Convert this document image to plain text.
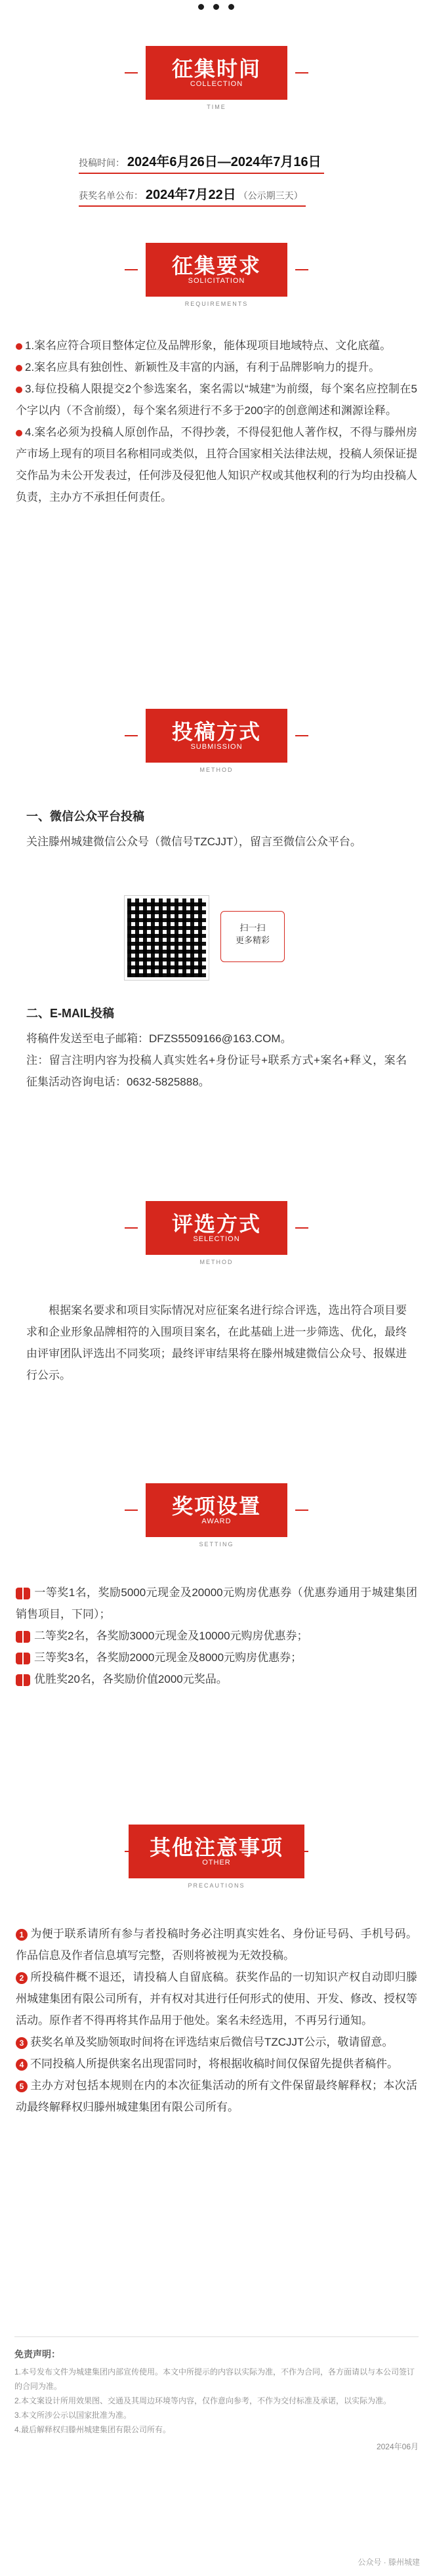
征集时间
COLLECTION
TIME
投稿时间： 2024年6月26日—2024年7月16日
获奖名单公布： 2024年7月22日 （公示期三天）
征集要求
SOLICITATION
REQUIREMENTS

1.案名应符合项目整体定位及品牌形象，能体现项目地域特点、文化底蕴。

2.案名应具有独创性、新颖性及丰富的内涵，有利于品牌影响力的提升。

3.每位投稿人限提交2个参选案名，案名需以“城建”为前缀，每个案名应控制在5个字以内（不含前缀），每个案名须进行不多于200字的创意阐述和渊源诠释。

4.案名必须为投稿人原创作品，不得抄袭，不得侵犯他人著作权，不得与滕州房产市场上现有的项目名称相同或类似，且符合国家相关法律法规，投稿人须保证提交作品为未公开发表过，任何涉及侵犯他人知识产权或其他权利的行为均由投稿人负责，主办方不承担任何责任。

投稿方式
SUBMISSION
METHOD
一、微信公众平台投稿

关注滕州城建微信公众号（微信号TZCJJT），留言至微信公众平台。

扫一扫
更多精彩
二、E-MAIL投稿

将稿件发送至电子邮箱：DFZS5509166@163.COM。

注：留言注明内容为投稿人真实姓名+身份证号+联系方式+案名+释义，案名征集活动咨询电话：0632-5825888。

评选方式
SELECTION
METHOD

根据案名要求和项目实际情况对应征案名进行综合评选，选出符合项目要求和企业形象品牌相符的入围项目案名，在此基础上进一步筛选、优化，最终由评审团队评选出不同奖项；最终评审结果将在滕州城建微信公众号、报媒进行公示。

奖项设置
AWARD
SETTING

一等奖1名，奖励5000元现金及20000元购房优惠券（优惠券通用于城建集团销售项目，下同）；

二等奖2名，各奖励3000元现金及10000元购房优惠券；

三等奖3名，各奖励2000元现金及8000元购房优惠券；

优胜奖20名，各奖励价值2000元奖品。

其他注意事项
OTHER
PRECAUTIONS

1 为便于联系请所有参与者投稿时务必注明真实姓名、身份证号码、手机号码。作品信息及作者信息填写完整，否则将被视为无效投稿。

2 所投稿件概不退还，请投稿人自留底稿。获奖作品的一切知识产权自动即归滕州城建集团有限公司所有，并有权对其进行任何形式的使用、开发、修改、授权等活动。原作者不得再将其作品用于他处。案名未经选用，不再另行通知。

3 获奖名单及奖励领取时间将在评选结束后微信号TZCJJT公示，敬请留意。

4 不同投稿人所提供案名出现雷同时，将根据收稿时间仅保留先提供者稿件。

5 主办方对包括本规则在内的本次征集活动的所有文件保留最终解释权；本次活动最终解释权归滕州城建集团有限公司所有。

免责声明：
1.本号发布文件为城建集团内部宣传使用。本文中所提示的内容以实际为准，不作为合同，各方面请以与本公司签订的合同为准。
2.本文案设计所用效果图、交通及其周边环境等内容，仅作意向参考，不作为交付标准及承诺，以实际为准。
3.本文所涉公示以国家批准为准。
4.最后解释权归滕州城建集团有限公司所有。
2024年06月
公众号 · 滕州城建
